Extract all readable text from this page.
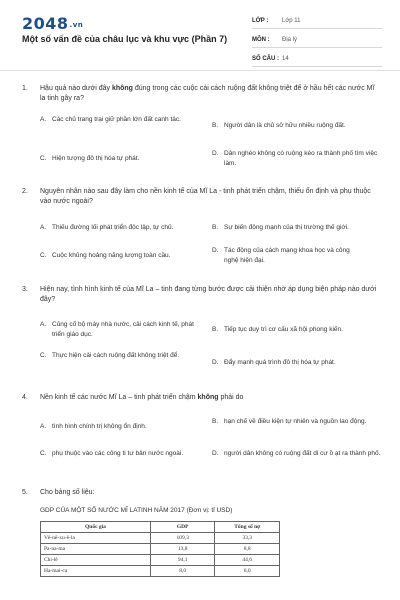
2048.vn
Một số vấn đề của châu lục và khu vực (Phần 7)
LỚP :	Lớp 11
MÔN :	Địa lý
SỐ CÂU : 14
1. Hậu quả nào dưới đây không đúng trong các cuộc cải cách ruộng đất không triệt để ở hầu hết các nước Mĩ la tinh gây ra?
A. Các chủ trang trại giữ phần lớn đất canh tác.
B. Người dân là chủ sở hữu nhiều ruộng đất.
C. Hiện tượng đô thị hóa tự phát.
D. Dân nghèo không có ruộng kéo ra thành phố tìm việc làm.
2. Nguyên nhân nào sau đây làm cho nền kinh tế của Mĩ La - tinh phát triển chậm, thiếu ổn định và phụ thuộc vào nước ngoài?
A. Thiếu đường lối phát triển độc lập, tự chủ.	B. Sự biến động mạnh của thị trường thế giới.
C. Cuộc khủng hoảng năng lượng toàn cầu.
D. Tác động của cách mạng khoa học và công nghệ hiện đại.
3. Hiện nay, tình hình kinh tế của Mĩ La – tinh đang từng bước được cải thiện nhờ áp dụng biện pháp nào dưới đây?
A. Củng cố bộ máy nhà nước, cải cách kinh tế, phát triển giáo dục.
B. Tiếp tục duy trì cơ cấu xã hội phong kiến.
C. Thực hiện cải cách ruộng đất không triệt để.
D. Đẩy mạnh quá trình đô thị hóa tự phát.
4. Nền kinh tế các nước Mĩ La – tinh phát triển chậm không phải do
A. tình hình chính trị không ổn định.
B. hạn chế về điều kiện tự nhiên và nguồn lao động.
C. phụ thuộc vào các công ti tư bản nước ngoài.	D. người dân không có ruộng đất di cư ồ ạt ra thành phố.
5. Cho bảng số liệu:
GDP CỦA MỘT SỐ NƯỚC MĨ LATINH NĂM 2017 (Đơn vị: tỉ USD)
Quốc gia	GDP	Tổng số nợ
Vê-nê-xu-ê-la	109,3	33,3
Pa-na-ma	13,8	8,8
Chi-lê	94,1	44,6
Ha-mai-ca	8,0	6,0
